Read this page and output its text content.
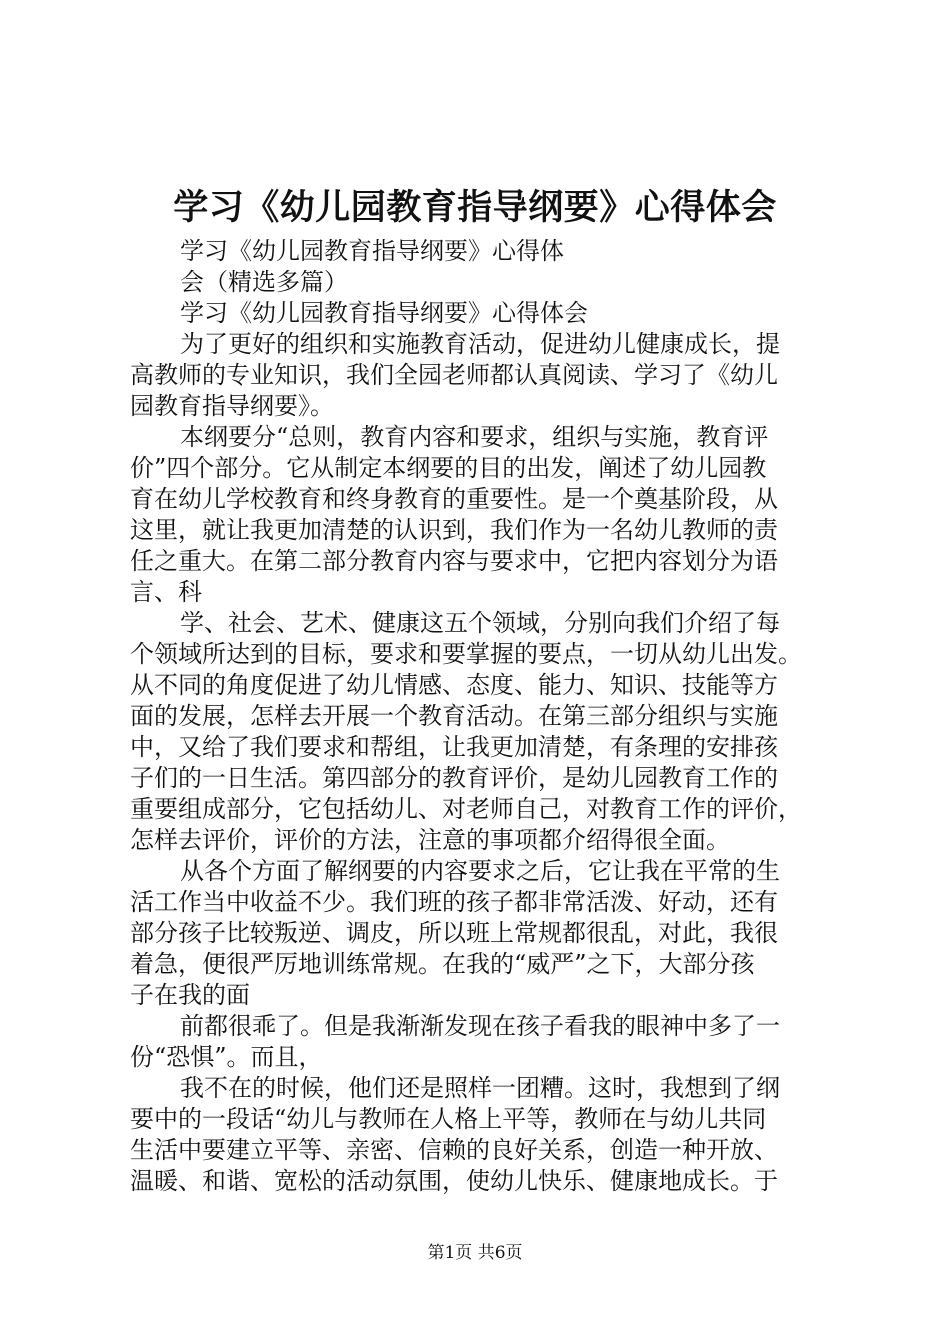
学习《幼儿园教育指导纲要》心得体会
学习《幼儿园教育指导纲要》心得体
会（精选多篇）
学习《幼儿园教育指导纲要》心得体会
为了更好的组织和实施教育活动，促进幼儿健康成长，提
高教师的专业知识，我们全园老师都认真阅读、学习了《幼儿
园教育指导纲要》。
本纲要分“总则，教育内容和要求，组织与实施，教育评
价”四个部分。它从制定本纲要的目的出发，阐述了幼儿园教
育在幼儿学校教育和终身教育的重要性。是一个奠基阶段，从
这里，就让我更加清楚的认识到，我们作为一名幼儿教师的责
任之重大。在第二部分教育内容与要求中，它把内容划分为语
言、科
学、社会、艺术、健康这五个领域，分别向我们介绍了每
个领域所达到的目标，要求和要掌握的要点，一切从幼儿出发。
从不同的角度促进了幼儿情感、态度、能力、知识、技能等方
面的发展，怎样去开展一个教育活动。在第三部分组织与实施
中，又给了我们要求和帮组，让我更加清楚，有条理的安排孩
子们的一日生活。第四部分的教育评价，是幼儿园教育工作的
重要组成部分，它包括幼儿、对老师自己，对教育工作的评价，
怎样去评价，评价的方法，注意的事项都介绍得很全面。
从各个方面了解纲要的内容要求之后，它让我在平常的生
活工作当中收益不少。我们班的孩子都非常活泼、好动，还有
部分孩子比较叛逆、调皮，所以班上常规都很乱，对此，我很
着急，便很严厉地训练常规。在我的“威严”之下，大部分孩
子在我的面
前都很乖了。但是我渐渐发现在孩子看我的眼神中多了一
份“恐惧”。而且，
我不在的时候，他们还是照样一团糟。这时，我想到了纲
要中的一段话“幼儿与教师在人格上平等，教师在与幼儿共同
生活中要建立平等、亲密、信赖的良好关系，创造一种开放、
温暖、和谐、宽松的活动氛围，使幼儿快乐、健康地成长。于
第1页 共6页
